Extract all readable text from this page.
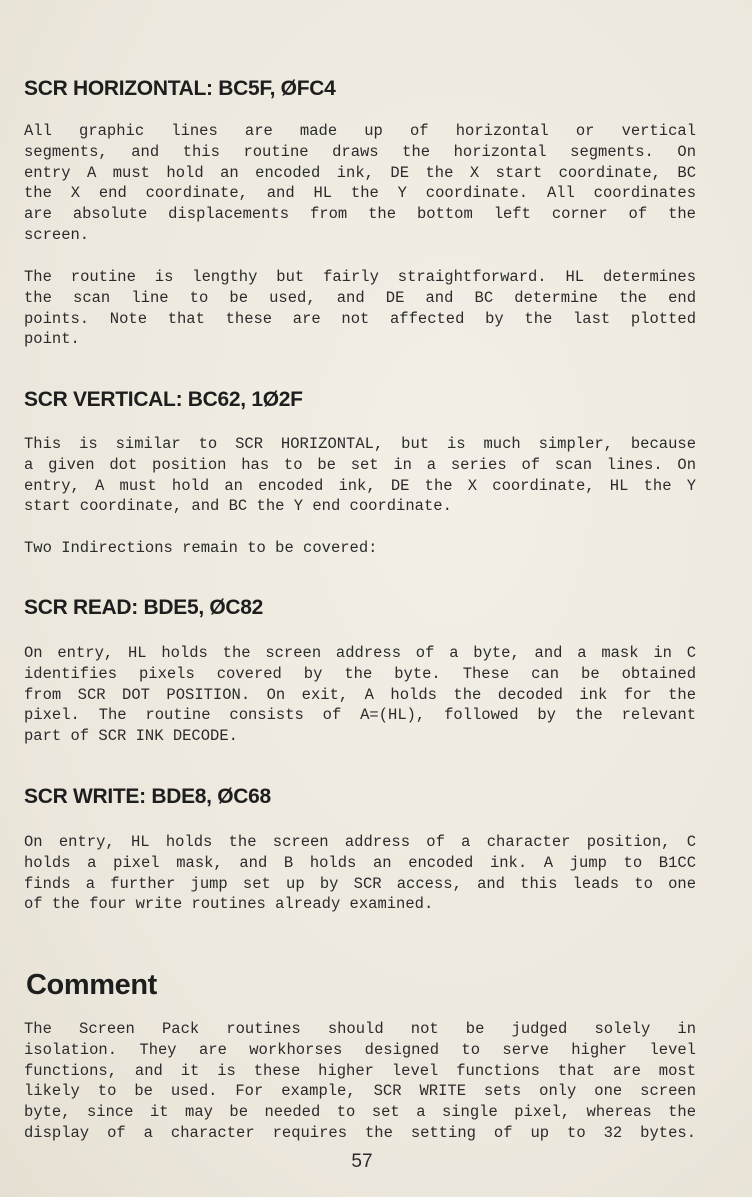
SCR HORIZONTAL: BC5F, ØFC4
All graphic lines are made up of horizontal or vertical
segments, and this routine draws the horizontal segments. On
entry A must hold an encoded ink, DE the X start coordinate, BC
the X end coordinate, and HL the Y coordinate. All coordinates
are absolute displacements from the bottom left corner of the
screen.
The routine is lengthy but fairly straightforward. HL determines
the scan line to be used, and DE and BC determine the end
points. Note that these are not affected by the last plotted
point.
SCR VERTICAL: BC62, 1Ø2F
This is similar to SCR HORIZONTAL, but is much simpler, because
a given dot position has to be set in a series of scan lines. On
entry, A must hold an encoded ink, DE the X coordinate, HL the Y
start coordinate, and BC the Y end coordinate.
Two Indirections remain to be covered:
SCR READ: BDE5, ØC82
On entry, HL holds the screen address of a byte, and a mask in C
identifies pixels covered by the byte. These can be obtained
from SCR DOT POSITION. On exit, A holds the decoded ink for the
pixel. The routine consists of A=(HL), followed by the relevant
part of SCR INK DECODE.
SCR WRITE: BDE8, ØC68
On entry, HL holds the screen address of a character position, C
holds a pixel mask, and B holds an encoded ink. A jump to B1CC
finds a further jump set up by SCR access, and this leads to one
of the four write routines already examined.
Comment
The Screen Pack routines should not be judged solely in
isolation. They are workhorses designed to serve higher level
functions, and it is these higher level functions that are most
likely to be used. For example, SCR WRITE sets only one screen
byte, since it may be needed to set a single pixel, whereas the
display of a character requires the setting of up to 32 bytes.
57
